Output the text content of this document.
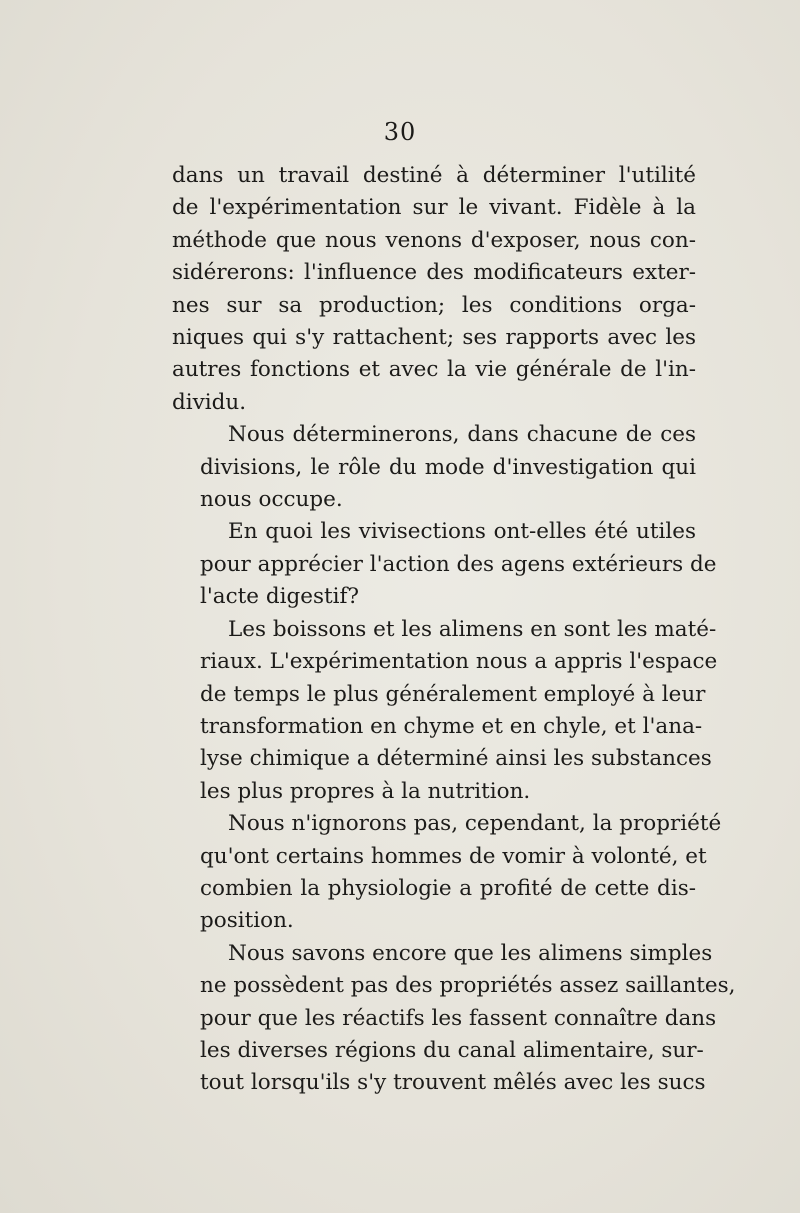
30
dans un travail destiné à déterminer l'utilité
de l'expérimentation sur le vivant. Fidèle à la
méthode que nous venons d'exposer, nous con-
sidérerons: l'influence des modificateurs exter-
nes sur sa production; les conditions orga-
niques qui s'y rattachent; ses rapports avec les
autres fonctions et avec la vie générale de l'in-
dividu.
Nous déterminerons, dans chacune de ces
divisions, le rôle du mode d'investigation qui
nous occupe.
En quoi les vivisections ont-elles été utiles
pour apprécier l'action des agens extérieurs de
l'acte digestif?
Les boissons et les alimens en sont les maté-
riaux. L'expérimentation nous a appris l'espace
de temps le plus généralement employé à leur
transformation en chyme et en chyle, et l'ana-
lyse chimique a déterminé ainsi les substances
les plus propres à la nutrition.
Nous n'ignorons pas, cependant, la propriété
qu'ont certains hommes de vomir à volonté, et
combien la physiologie a profité de cette dis-
position.
Nous savons encore que les alimens simples
ne possèdent pas des propriétés assez saillantes,
pour que les réactifs les fassent connaître dans
les diverses régions du canal alimentaire, sur-
tout lorsqu'ils s'y trouvent mêlés avec les sucs
